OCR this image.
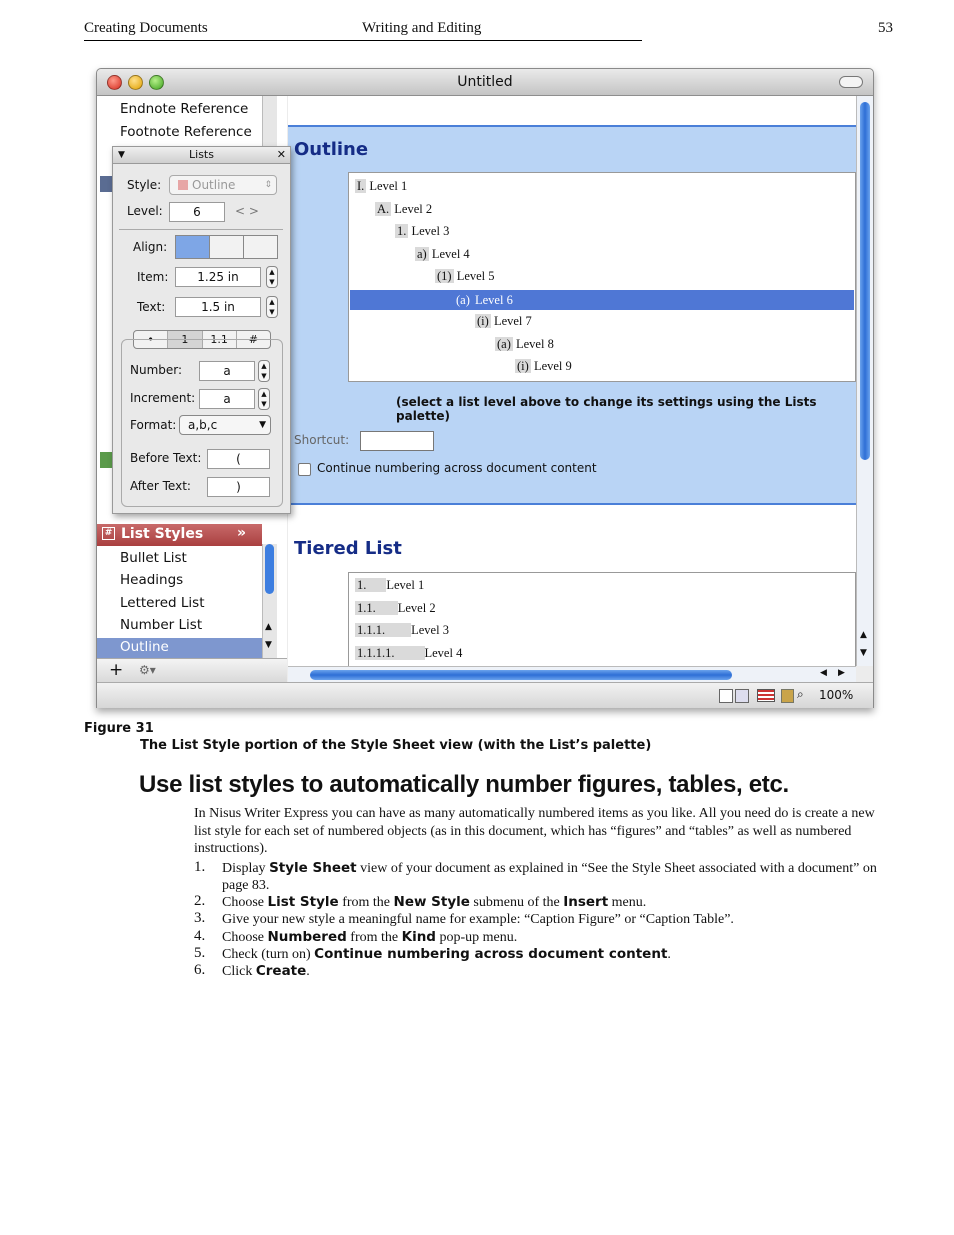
Creating Documents	Writing and Editing	53
Untitled
Endnote Reference
Footnote Reference
# List Styles »
Bullet List
Headings
Lettered List
Number List
Outline
▲
▼
+ ⚙▾
Outline
I. Level 1
A. Level 2
1. Level 3
a) Level 4
(1) Level 5
(a) Level 6
(i) Level 7
(a) Level 8
(i) Level 9
(select a list level above to change its settings using the Lists palette)
Shortcut:
Continue numbering across document content
Tiered List
1. Level 1
1.1. Level 2
1.1.1. Level 3
1.1.1.1. Level 4
▲
▼
◀ ▶
⌕ 100%
▼	Lists	✕
Style:	Outline	⇕
Level:	6	< >
Align:
Item:	1.25 in	▲
▼
Text:	1.5 in	▲
▼
•	1	1.1	#
Number:	a	▲
▼
Increment:	a	▲
▼
Format: a,b,c	▼
Before Text:	(
After Text:	)
Figure 31
The List Style portion of the Style Sheet view (with the List’s palette)
Use list styles to automatically number figures, tables, etc.
In Nisus Writer Express you can have as many automatically numbered items as you like. All you need do is create a new list style for each set of numbered objects (as in this document, which has “figures” and “tables” as well as numbered instructions).
1. Display Style Sheet view of your document as explained in “See the Style Sheet associated with a document” on page 83.
2. Choose List Style from the New Style submenu of the Insert menu.
3. Give your new style a meaningful name for example: “Caption Figure” or “Caption Table”.
4. Choose Numbered from the Kind pop-up menu.
5. Check (turn on) Continue numbering across document content.
6. Click Create.
